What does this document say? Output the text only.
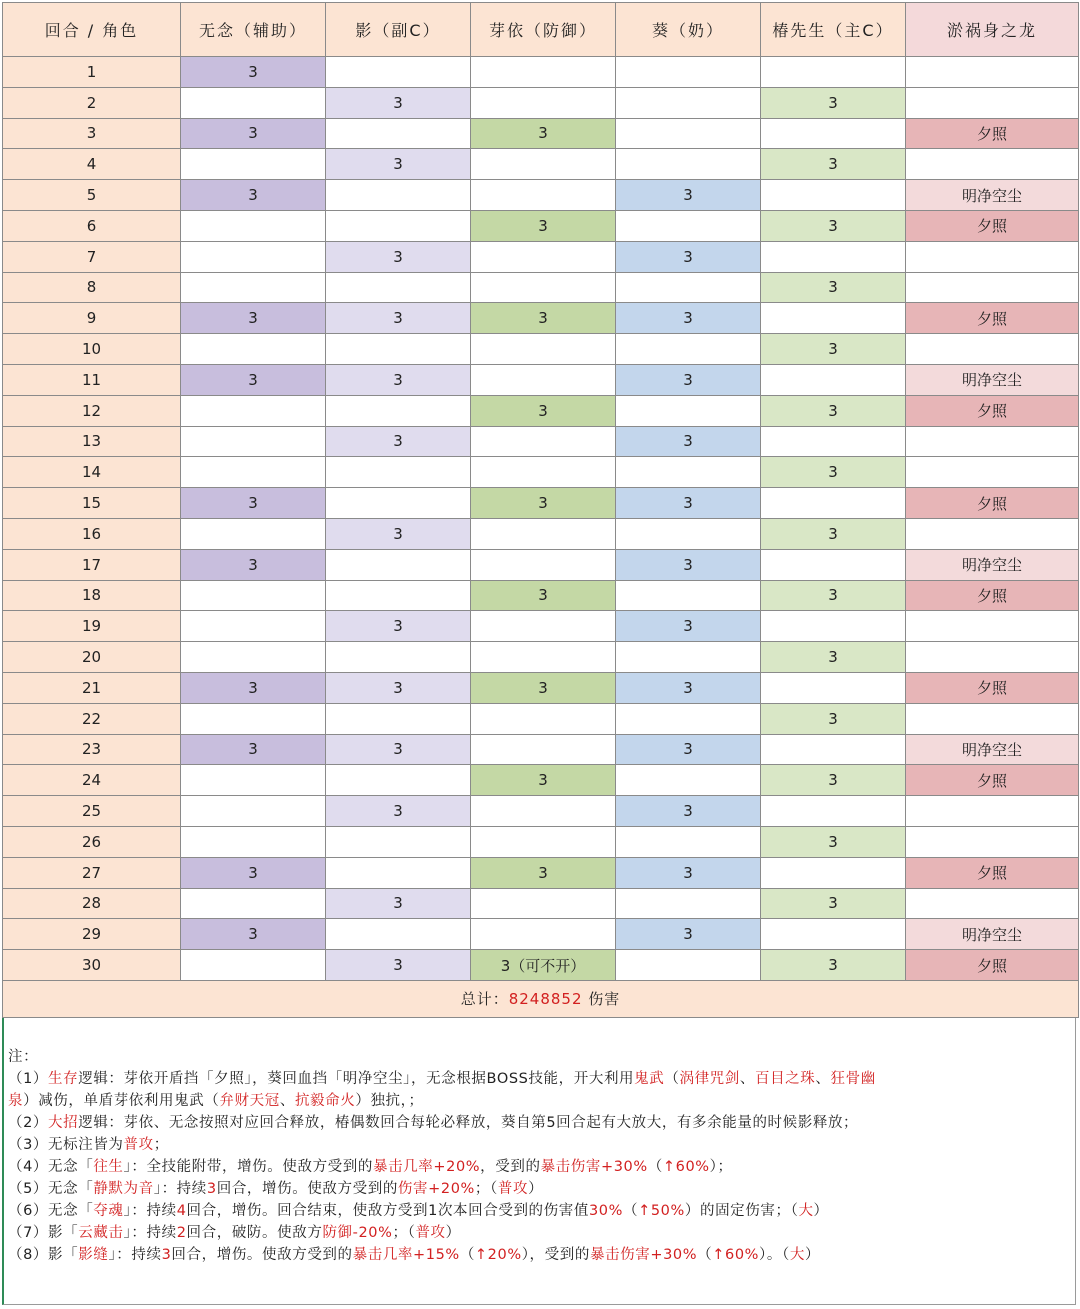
回合 / 角色	无念（辅助）	影（副C）	芽依（防御）	葵（奶）	椿先生（主C）	淤祸身之龙
1	3					
2		3			3	
3	3		3			夕照
4		3			3	
5	3			3		明净空尘
6			3		3	夕照
7		3		3		
8					3	
9	3	3	3	3		夕照
10					3	
11	3	3		3		明净空尘
12			3		3	夕照
13		3		3		
14					3	
15	3		3	3		夕照
16		3			3	
17	3			3		明净空尘
18			3		3	夕照
19		3		3		
20					3	
21	3	3	3	3		夕照
22					3	
23	3	3		3		明净空尘
24			3		3	夕照
25		3		3		
26					3	
27	3		3	3		夕照
28		3			3	
29	3			3		明净空尘
30		3	3（可不开）		3	夕照
总计：8248852 伤害						

注：

（1）生存逻辑：芽依开盾挡「夕照」，葵回血挡「明净空尘」，无念根据BOSS技能，开大利用鬼武（涡律咒剑、百目之珠、狂骨幽

泉）减伤，单盾芽依利用鬼武（弁财天冠、抗毅命火）独抗，；

（2）大招逻辑：芽依、无念按照对应回合释放，椿偶数回合每轮必释放，葵自第5回合起有大放大，有多余能量的时候影释放；

（3）无标注皆为普攻；

（4）无念「往生」：全技能附带，增伤。使敌方受到的暴击几率+20%，受到的暴击伤害+30%（↑60%）；

（5）无念「静默为音」：持续3回合，增伤。使敌方受到的伤害+20%；（普攻）

（6）无念「夺魂」：持续4回合，增伤。回合结束，使敌方受到1次本回合受到的伤害值30%（↑50%）的固定伤害；（大）

（7）影「云藏击」：持续2回合，破防。使敌方防御-20%；（普攻）

（8）影「影缝」：持续3回合，增伤。使敌方受到的暴击几率+15%（↑20%），受到的暴击伤害+30%（↑60%）。（大）
